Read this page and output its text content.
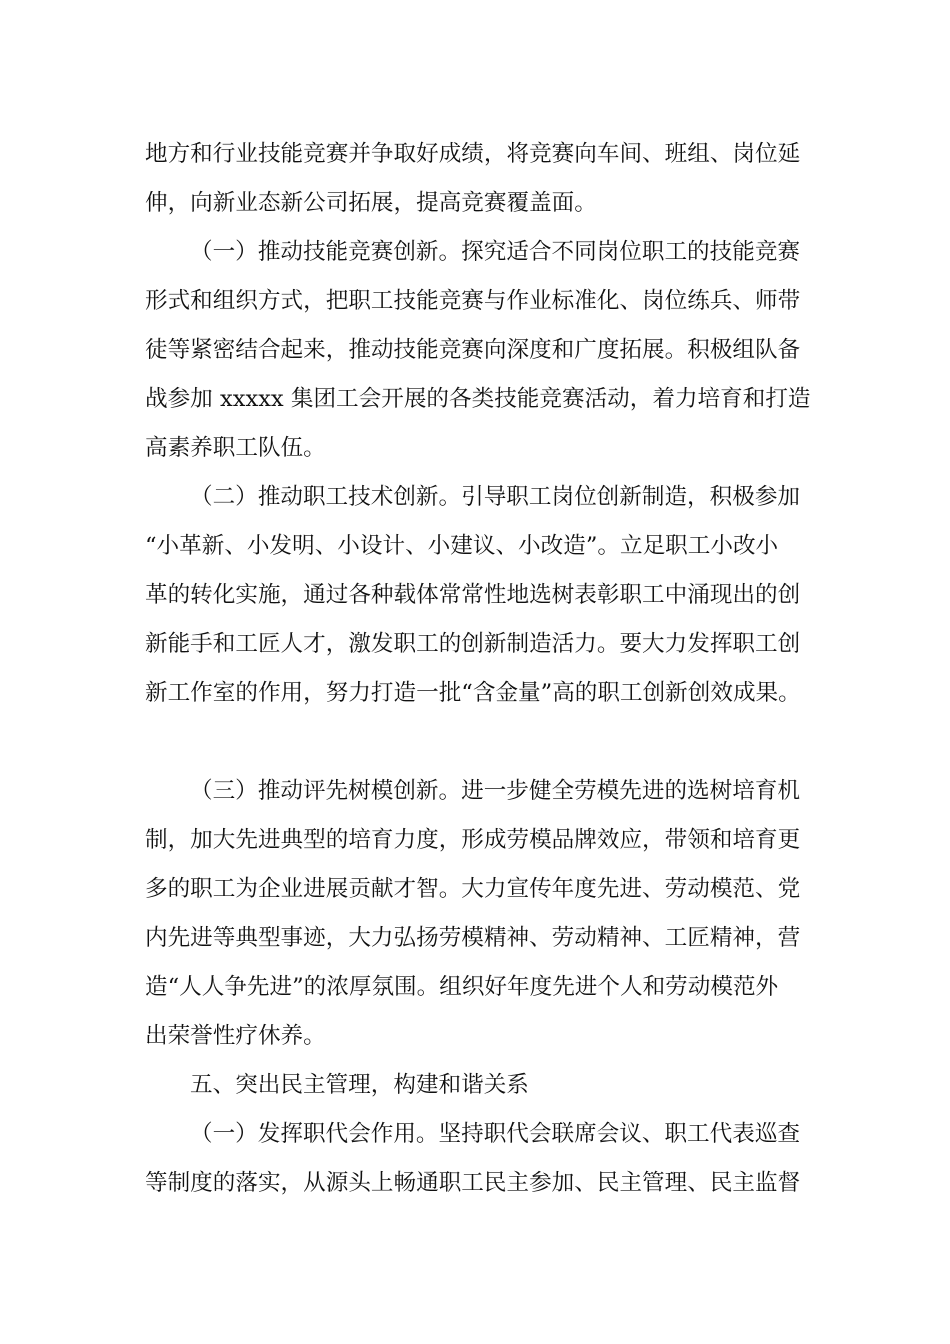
地方和行业技能竞赛并争取好成绩，将竞赛向车间、班组、岗位延
伸，向新业态新公司拓展，提高竞赛覆盖面。
（一）推动技能竞赛创新。探究适合不同岗位职工的技能竞赛
形式和组织方式，把职工技能竞赛与作业标准化、岗位练兵、师带
徒等紧密结合起来，推动技能竞赛向深度和广度拓展。积极组队备
战参加 xxxxx 集团工会开展的各类技能竞赛活动，着力培育和打造
高素养职工队伍。
（二）推动职工技术创新。引导职工岗位创新制造，积极参加
“小革新、小发明、小设计、小建议、小改造”。立足职工小改小
革的转化实施，通过各种载体常常性地选树表彰职工中涌现出的创
新能手和工匠人才，激发职工的创新制造活力。要大力发挥职工创
新工作室的作用，努力打造一批“含金量”高的职工创新创效成果。
（三）推动评先树模创新。进一步健全劳模先进的选树培育机
制，加大先进典型的培育力度，形成劳模品牌效应，带领和培育更
多的职工为企业进展贡献才智。大力宣传年度先进、劳动模范、党
内先进等典型事迹，大力弘扬劳模精神、劳动精神、工匠精神，营
造“人人争先进”的浓厚氛围。组织好年度先进个人和劳动模范外
出荣誉性疗休养。
五、突出民主管理，构建和谐关系
（一）发挥职代会作用。坚持职代会联席会议、职工代表巡查
等制度的落实，从源头上畅通职工民主参加、民主管理、民主监督
